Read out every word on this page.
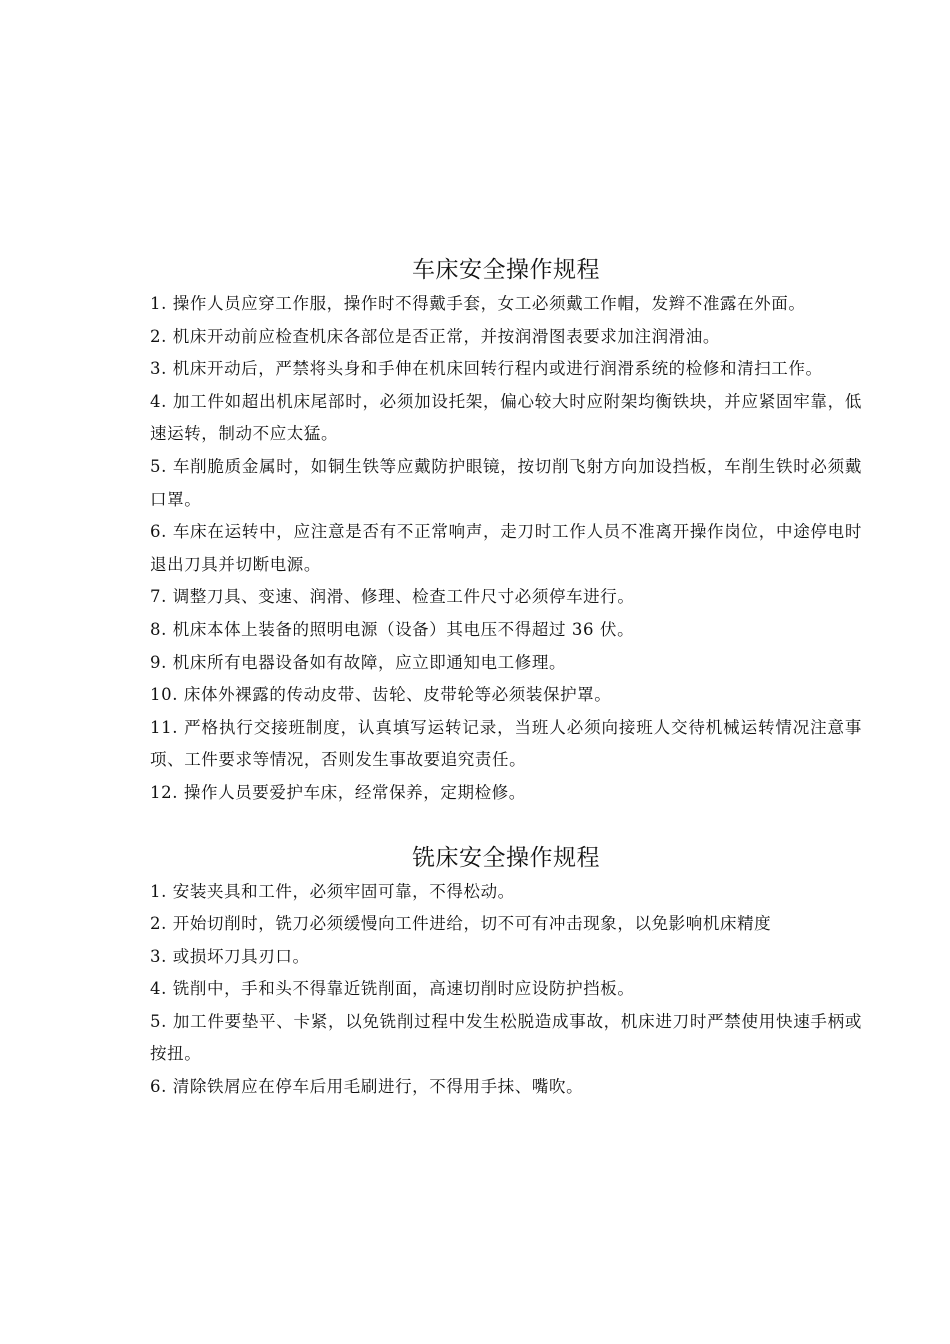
车床安全操作规程
1. 操作人员应穿工作服，操作时不得戴手套，女工必须戴工作帽，发辫不准露在外面。
2. 机床开动前应检查机床各部位是否正常，并按润滑图表要求加注润滑油。
3. 机床开动后，严禁将头身和手伸在机床回转行程内或进行润滑系统的检修和清扫工作。
4. 加工件如超出机床尾部时，必须加设托架，偏心较大时应附架均衡铁块，并应紧固牢靠，低速运转，制动不应太猛。
5. 车削脆质金属时，如铜生铁等应戴防护眼镜，按切削飞射方向加设挡板，车削生铁时必须戴口罩。
6. 车床在运转中，应注意是否有不正常响声，走刀时工作人员不准离开操作岗位，中途停电时退出刀具并切断电源。
7. 调整刀具、变速、润滑、修理、检查工件尺寸必须停车进行。
8. 机床本体上装备的照明电源（设备）其电压不得超过 36 伏。
9. 机床所有电器设备如有故障，应立即通知电工修理。
10. 床体外裸露的传动皮带、齿轮、皮带轮等必须装保护罩。
11. 严格执行交接班制度，认真填写运转记录，当班人必须向接班人交待机械运转情况注意事项、工件要求等情况，否则发生事故要追究责任。
12. 操作人员要爱护车床，经常保养，定期检修。
铣床安全操作规程
1. 安装夹具和工件，必须牢固可靠，不得松动。
2. 开始切削时，铣刀必须缓慢向工件进给，切不可有冲击现象，以免影响机床精度
3. 或损坏刀具刃口。
4. 铣削中，手和头不得靠近铣削面，高速切削时应设防护挡板。
5. 加工件要垫平、卡紧，以免铣削过程中发生松脱造成事故，机床进刀时严禁使用快速手柄或按扭。
6. 清除铁屑应在停车后用毛刷进行，不得用手抹、嘴吹。
